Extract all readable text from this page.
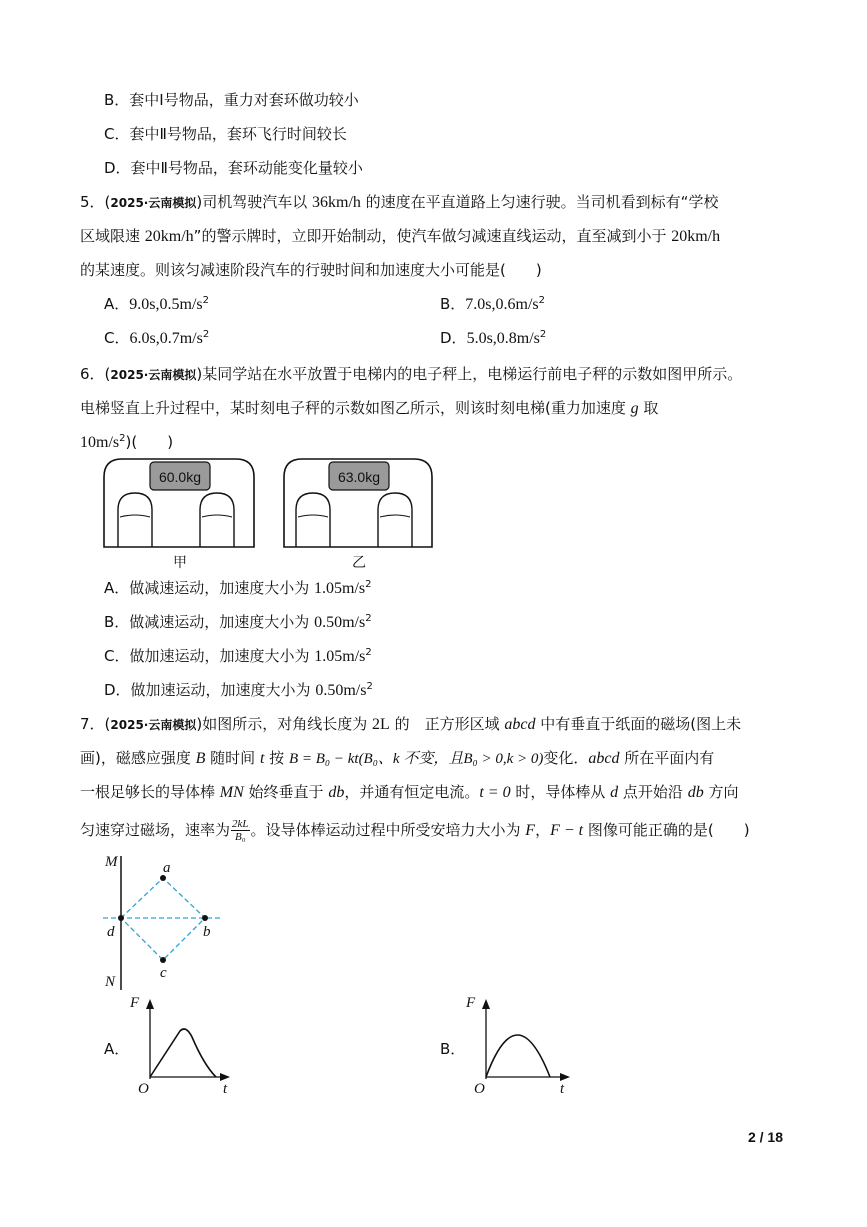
B．套中Ⅰ号物品，重力对套环做功较小
C．套中Ⅱ号物品，套环飞行时间较长
D．套中Ⅱ号物品，套环动能变化量较小
5．(2025·云南模拟)司机驾驶汽车以 36km/h 的速度在平直道路上匀速行驶。当司机看到标有“学校
区域限速 20km/h”的警示牌时，立即开始制动，使汽车做匀减速直线运动，直至减到小于 20km/h
的某速度。则该匀减速阶段汽车的行驶时间和加速度大小可能是(　　)
A．$9.0s,0.5m/s^2$	B．$7.0s,0.6m/s^2$
C．$6.0s,0.7m/s^2$	D．$5.0s,0.8m/s^2$
6．(2025·云南模拟)某同学站在水平放置于电梯内的电子秤上，电梯运行前电子秤的示数如图甲所示。
电梯竖直上升过程中，某时刻电子秤的示数如图乙所示，则该时刻电梯(重力加速度 g 取
$10m/s^2$)(　　)
60.0kg
甲
63.0kg
乙
A．做减速运动，加速度大小为 $1.05m/s^2$
B．做减速运动，加速度大小为 $0.50m/s^2$
C．做加速运动，加速度大小为 $1.05m/s^2$
D．做加速运动，加速度大小为 $0.50m/s^2$
7．(2025·云南模拟)如图所示，对角线长度为 2L 的　正方形区域 abcd 中有垂直于纸面的磁场(图上未
画)，磁感应强度 B 随时间 t 按 B = B₀ − kt(B₀、k 不变，且B₀ > 0,k > 0)变化．abcd 所在平面内有
一根足够长的导体棒 MN 始终垂直于 db，并通有恒定电流。t = 0 时，导体棒从 d 点开始沿 db 方向
匀速穿过磁场，速率为 $\frac{2kL}{\text{B₀}}$ 。设导体棒运动过程中所受安培力大小为 F，F − t 图像可能正确的是(　　)
M
N
a
b
c
d
A．
F
O	t
B．
F
O	t
2 / 18
